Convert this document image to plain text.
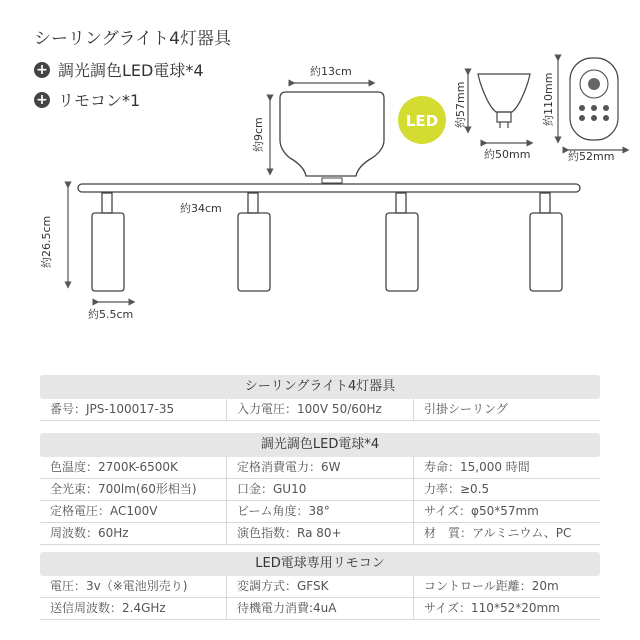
シーリングライト4灯器具
+ 調光調色LED電球*4
+ リモコン*1
約13cm
約9cm
約34cm
約26.5cm
約5.5cm
LED 約57mm
約50mm
約110mm
約52mm
シーリングライト4灯器具
番号：JPS-100017-35	入力電圧：100V 50/60Hz	引掛シーリング
調光調色LED電球*4
色温度：2700K-6500K	定格消費電力：6W	寿命：15,000 時間
全光束：700lm(60形相当)	口金：GU10	力率：≥0.5
定格電圧：AC100V	ビーム角度：38°	サイズ：φ50*57mm
周波数：60Hz	演色指数：Ra 80+	材　質：アルミニウム、PC
LED電球専用リモコン
電圧：3v（※電池別売り)	変調方式：GFSK	コントロール距離：20m
送信周波数：2.4GHz	待機電力消費:4uA	サイズ：110*52*20mm
